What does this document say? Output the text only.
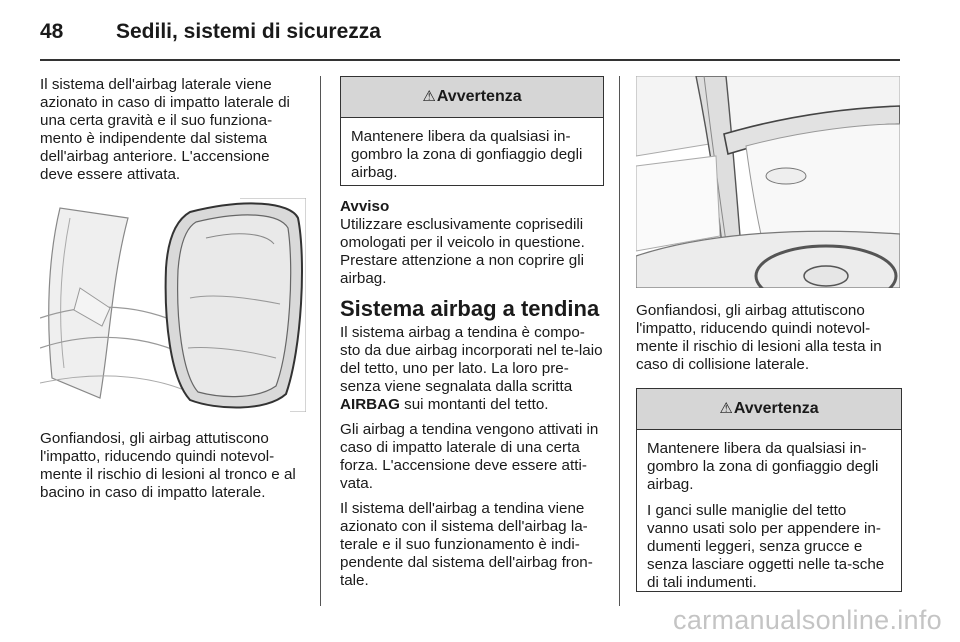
48	Sedili, sistemi di sicurezza

Il sistema dell'airbag laterale viene azionato in caso di impatto laterale di una certa gravità e il suo funziona-mento è indipendente dal sistema dell'airbag anteriore. L'accensione deve essere attivata.

Gonfiandosi, gli airbag attutiscono l'impatto, riducendo quindi notevol-mente il rischio di lesioni al tronco e al bacino in caso di impatto laterale.

⚠Avvertenza

Mantenere libera da qualsiasi in-gombro la zona di gonfiaggio degli airbag.

Avviso

Utilizzare esclusivamente coprisedili omologati per il veicolo in questione. Prestare attenzione a non coprire gli airbag.

Sistema airbag a tendina

Il sistema airbag a tendina è compo-sto da due airbag incorporati nel te-laio del tetto, uno per lato. La loro pre-senza viene segnalata dalla scritta AIRBAG sui montanti del tetto.

Gli airbag a tendina vengono attivati in caso di impatto laterale di una certa forza. L'accensione deve essere atti-vata.

Il sistema dell'airbag a tendina viene azionato con il sistema dell'airbag la-terale e il suo funzionamento è indi-pendente dal sistema dell'airbag fron-tale.

Gonfiandosi, gli airbag attutiscono l'impatto, riducendo quindi notevol-mente il rischio di lesioni alla testa in caso di collisione laterale.

⚠Avvertenza

Mantenere libera da qualsiasi in-gombro la zona di gonfiaggio degli airbag.

I ganci sulle maniglie del tetto vanno usati solo per appendere in-dumenti leggeri, senza grucce e senza lasciare oggetti nelle ta-sche di tali indumenti.

carmanualsonline.info
